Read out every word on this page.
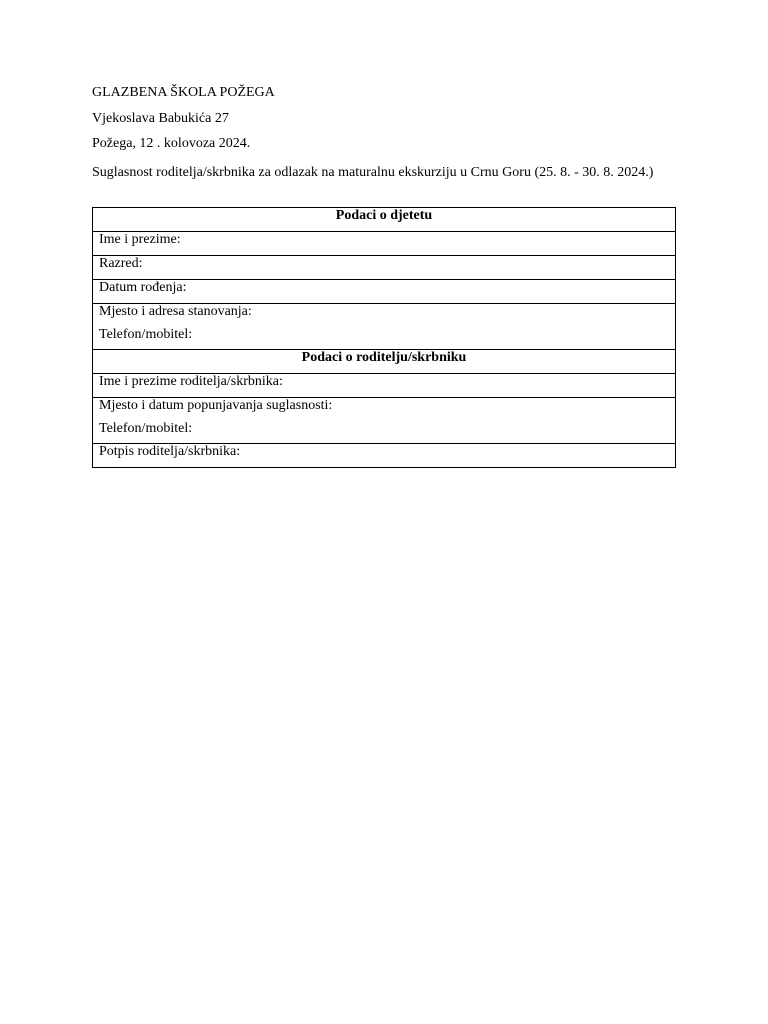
GLAZBENA ŠKOLA POŽEGA
Vjekoslava Babukića 27
Požega, 12 . kolovoza 2024.
Suglasnost roditelja/skrbnika za odlazak na maturalnu ekskurziju u Crnu Goru (25. 8. - 30. 8. 2024.)
Podaci o djetetu

Ime i prezime:

Razred:

Datum rođenja:

Mjesto i adresa stanovanja:
Telefon/mobitel:

Podaci o roditelju/skrbniku

Ime i prezime roditelja/skrbnika:

Mjesto i datum popunjavanja suglasnosti:
Telefon/mobitel:

Potpis roditelja/skrbnika:
